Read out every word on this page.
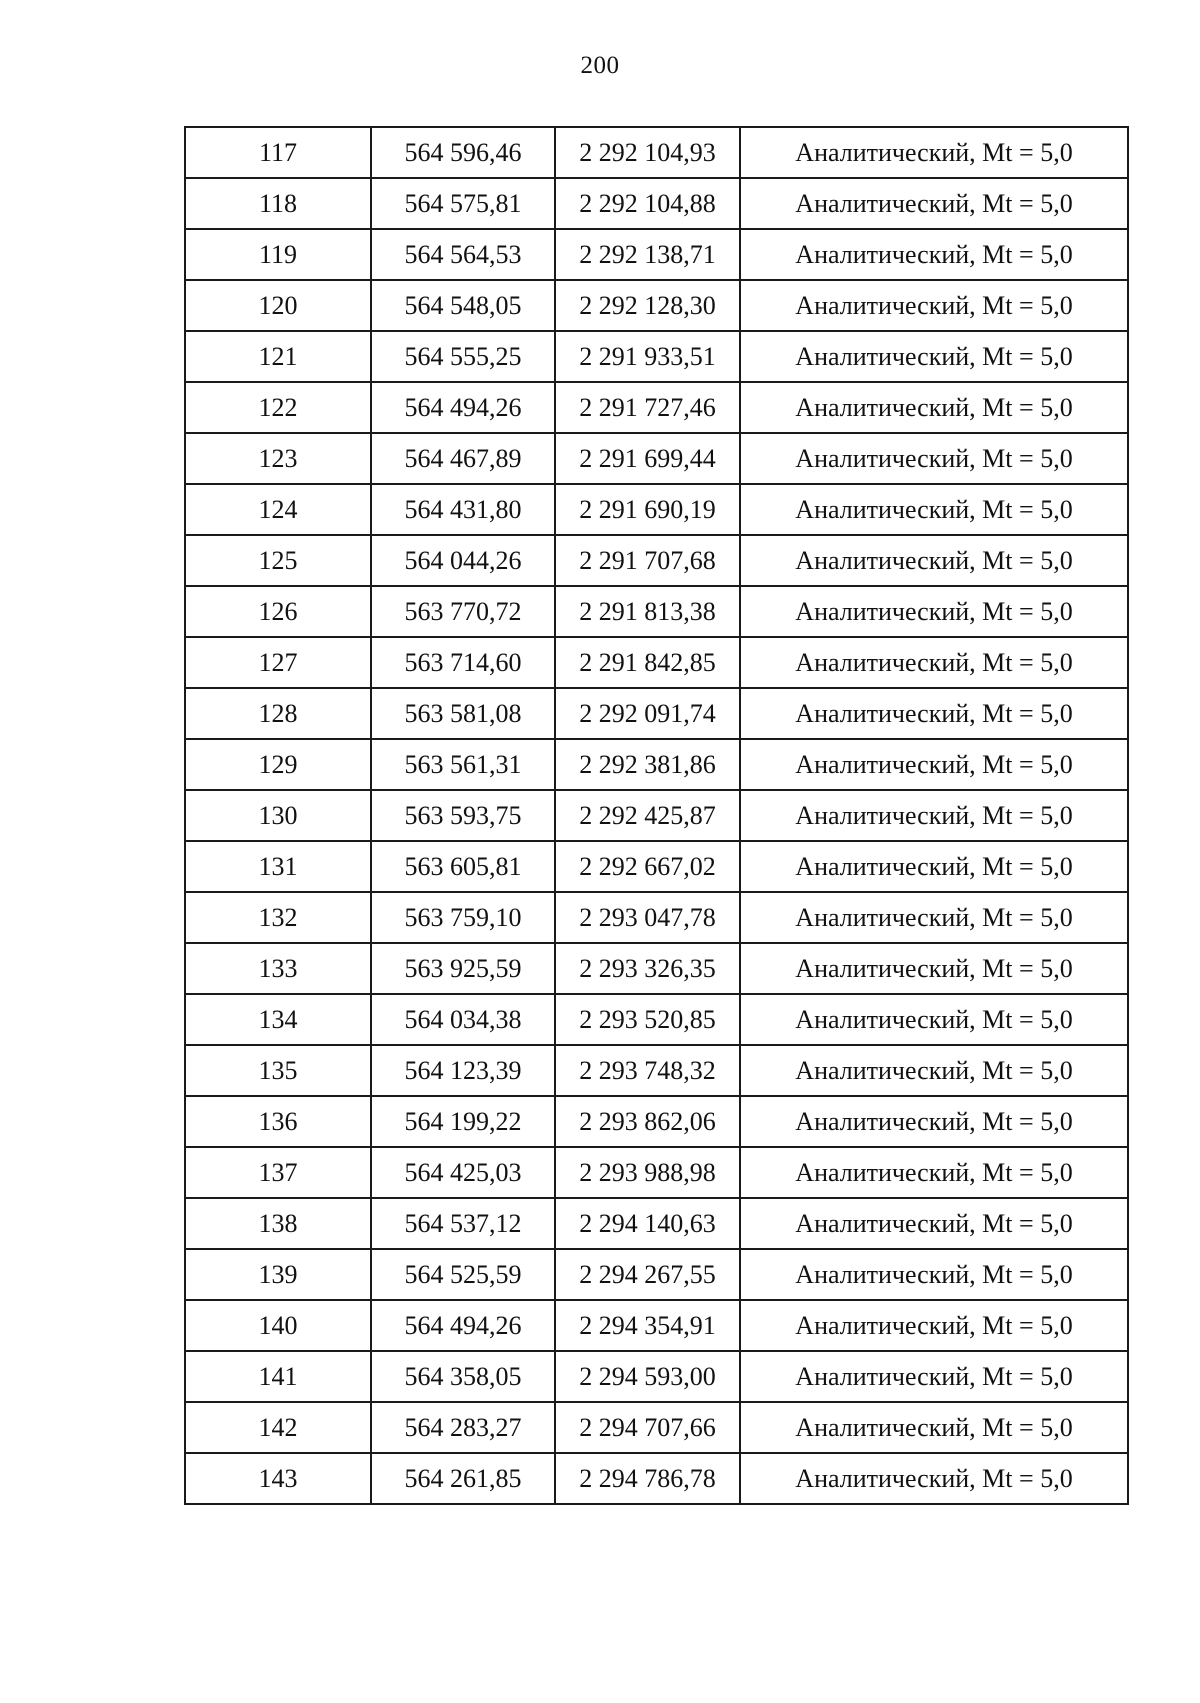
200
117	564 596,46	2 292 104,93	Аналитический, Mt = 5,0
118	564 575,81	2 292 104,88	Аналитический, Mt = 5,0
119	564 564,53	2 292 138,71	Аналитический, Mt = 5,0
120	564 548,05	2 292 128,30	Аналитический, Mt = 5,0
121	564 555,25	2 291 933,51	Аналитический, Mt = 5,0
122	564 494,26	2 291 727,46	Аналитический, Mt = 5,0
123	564 467,89	2 291 699,44	Аналитический, Mt = 5,0
124	564 431,80	2 291 690,19	Аналитический, Mt = 5,0
125	564 044,26	2 291 707,68	Аналитический, Mt = 5,0
126	563 770,72	2 291 813,38	Аналитический, Mt = 5,0
127	563 714,60	2 291 842,85	Аналитический, Mt = 5,0
128	563 581,08	2 292 091,74	Аналитический, Mt = 5,0
129	563 561,31	2 292 381,86	Аналитический, Mt = 5,0
130	563 593,75	2 292 425,87	Аналитический, Mt = 5,0
131	563 605,81	2 292 667,02	Аналитический, Mt = 5,0
132	563 759,10	2 293 047,78	Аналитический, Mt = 5,0
133	563 925,59	2 293 326,35	Аналитический, Mt = 5,0
134	564 034,38	2 293 520,85	Аналитический, Mt = 5,0
135	564 123,39	2 293 748,32	Аналитический, Mt = 5,0
136	564 199,22	2 293 862,06	Аналитический, Mt = 5,0
137	564 425,03	2 293 988,98	Аналитический, Mt = 5,0
138	564 537,12	2 294 140,63	Аналитический, Mt = 5,0
139	564 525,59	2 294 267,55	Аналитический, Mt = 5,0
140	564 494,26	2 294 354,91	Аналитический, Mt = 5,0
141	564 358,05	2 294 593,00	Аналитический, Mt = 5,0
142	564 283,27	2 294 707,66	Аналитический, Mt = 5,0
143	564 261,85	2 294 786,78	Аналитический, Mt = 5,0
